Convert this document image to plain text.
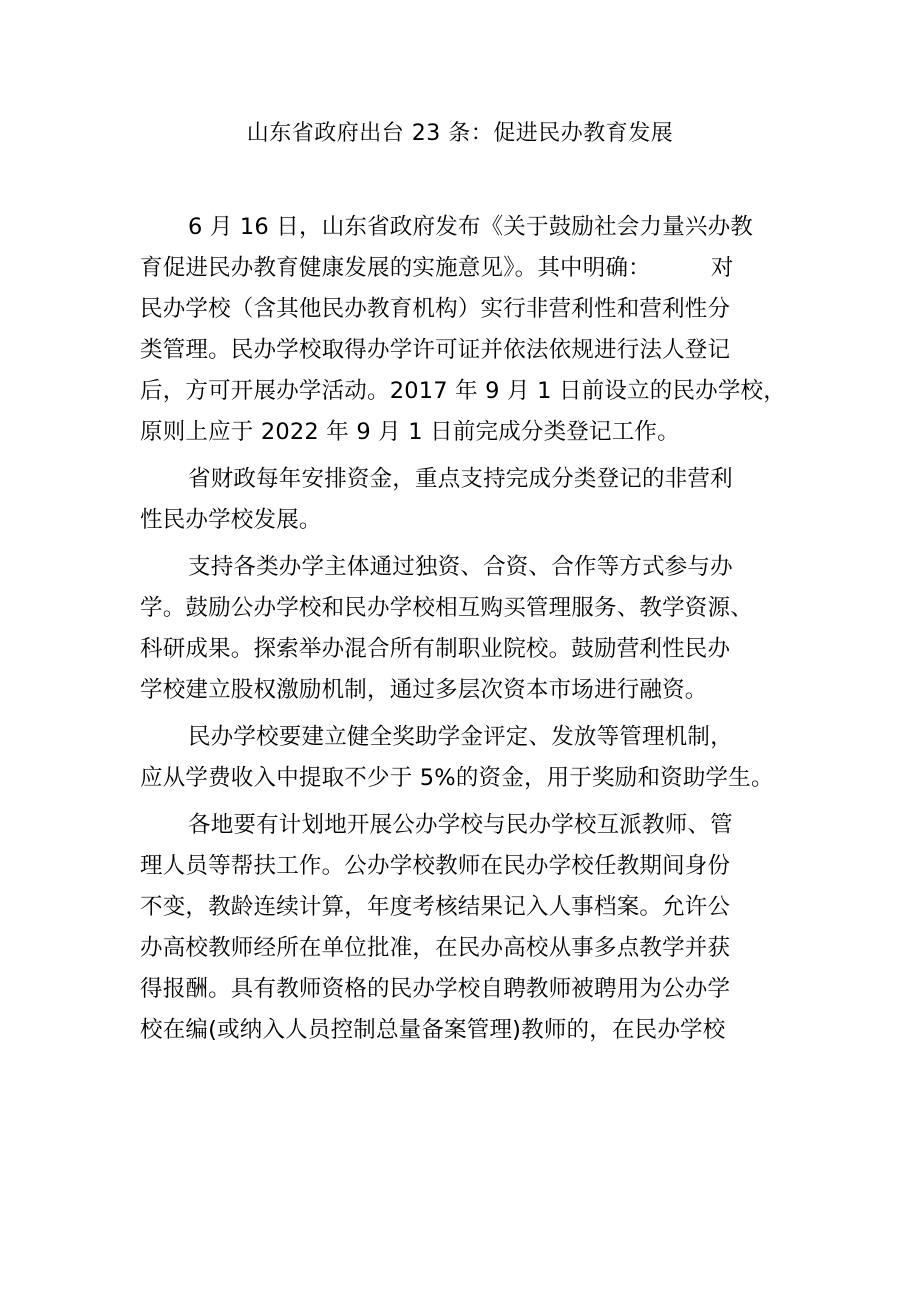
山东省政府出台 23 条：促进民办教育发展

6 月 16 日，山东省政府发布《关于鼓励社会力量兴办教
育促进民办教育健康发展的实施意见》。其中明确：	对
民办学校（含其他民办教育机构）实行非营利性和营利性分
类管理。民办学校取得办学许可证并依法依规进行法人登记
后，方可开展办学活动。2017 年 9 月 1 日前设立的民办学校，
原则上应于 2022 年 9 月 1 日前完成分类登记工作。

省财政每年安排资金，重点支持完成分类登记的非营利
性民办学校发展。

支持各类办学主体通过独资、合资、合作等方式参与办
学。鼓励公办学校和民办学校相互购买管理服务、教学资源、
科研成果。探索举办混合所有制职业院校。鼓励营利性民办
学校建立股权激励机制，通过多层次资本市场进行融资。

民办学校要建立健全奖助学金评定、发放等管理机制，
应从学费收入中提取不少于 5%的资金，用于奖励和资助学生。

各地要有计划地开展公办学校与民办学校互派教师、管
理人员等帮扶工作。公办学校教师在民办学校任教期间身份
不变，教龄连续计算，年度考核结果记入人事档案。允许公
办高校教师经所在单位批准，在民办高校从事多点教学并获
得报酬。具有教师资格的民办学校自聘教师被聘用为公办学
校在编(或纳入人员控制总量备案管理)教师的，在民办学校
